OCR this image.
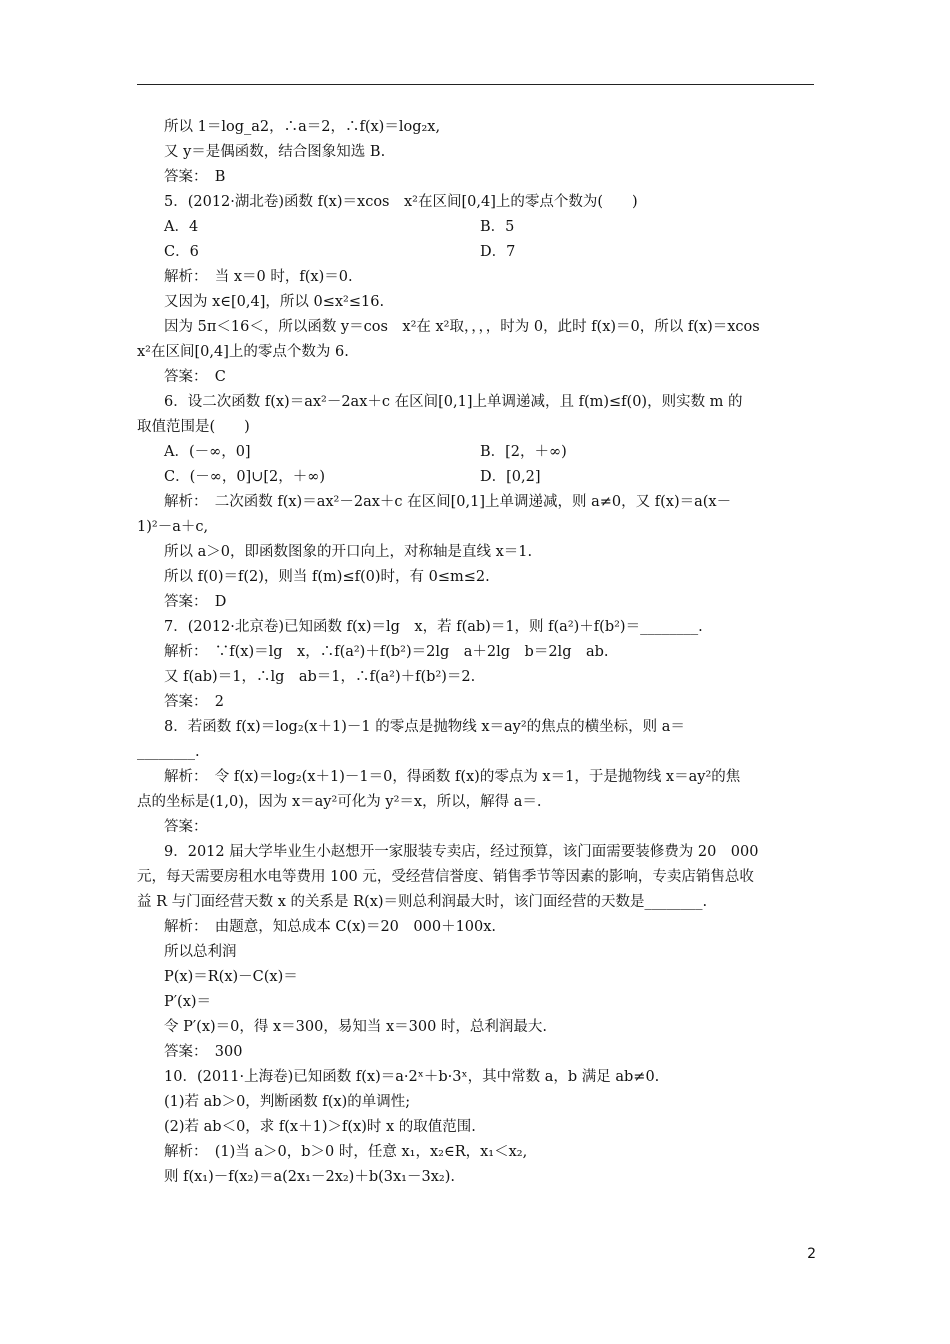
所以 1＝log_a2，∴a＝2，∴f(x)＝log₂x,
又 y＝是偶函数，结合图象知选 B.
答案：　B
5．(2012·湖北卷)函数 f(x)＝xcos　x²在区间[0,4]上的零点个数为(　　)
A．4	B．5
C．6	D．7
解析：　当 x＝0 时，f(x)＝0.
又因为 x∈[0,4]，所以 0≤x²≤16.
因为 5π＜16＜，所以函数 y＝cos　x²在 x²取，，，，时为 0，此时 f(x)＝0，所以 f(x)＝xcos
x²在区间[0,4]上的零点个数为 6.
答案：　C
6．设二次函数 f(x)＝ax²－2ax＋c 在区间[0,1]上单调递减，且 f(m)≤f(0)，则实数 m 的
取值范围是(　　)
A．(－∞，0]	B．[2，＋∞)
C．(－∞，0]∪[2，＋∞)	D．[0,2]
解析：　二次函数 f(x)＝ax²－2ax＋c 在区间[0,1]上单调递减，则 a≠0，又 f(x)＝a(x－
1)²－a＋c,
所以 a＞0，即函数图象的开口向上，对称轴是直线 x＝1.
所以 f(0)＝f(2)，则当 f(m)≤f(0)时，有 0≤m≤2.
答案：　D
7．(2012·北京卷)已知函数 f(x)＝lg　x，若 f(ab)＝1，则 f(a²)＋f(b²)＝________.
解析：　∵f(x)＝lg　x，∴f(a²)＋f(b²)＝2lg　a＋2lg　b＝2lg　ab.
又 f(ab)＝1，∴lg　ab＝1，∴f(a²)＋f(b²)＝2.
答案：　2
8．若函数 f(x)＝log₂(x＋1)－1 的零点是抛物线 x＝ay²的焦点的横坐标，则 a＝
________.
解析：　令 f(x)＝log₂(x＋1)－1＝0，得函数 f(x)的零点为 x＝1，于是抛物线 x＝ay²的焦
点的坐标是(1,0)，因为 x＝ay²可化为 y²＝x，所以，解得 a＝.
答案：
9．2012 届大学毕业生小赵想开一家服装专卖店，经过预算，该门面需要装修费为 20　000
元，每天需要房租水电等费用 100 元，受经营信誉度、销售季节等因素的影响，专卖店销售总收
益 R 与门面经营天数 x 的关系是 R(x)＝则总利润最大时，该门面经营的天数是________.
解析：　由题意，知总成本 C(x)＝20　000＋100x.
所以总利润
P(x)＝R(x)－C(x)＝
P′(x)＝
令 P′(x)＝0，得 x＝300，易知当 x＝300 时，总利润最大.
答案：　300
10．(2011·上海卷)已知函数 f(x)＝a·2ˣ＋b·3ˣ，其中常数 a，b 满足 ab≠0.
(1)若 ab＞0，判断函数 f(x)的单调性;
(2)若 ab＜0，求 f(x＋1)＞f(x)时 x 的取值范围.
解析：　(1)当 a＞0，b＞0 时，任意 x₁，x₂∈R，x₁＜x₂,
则 f(x₁)－f(x₂)＝a(2x₁－2x₂)＋b(3x₁－3x₂).
2
